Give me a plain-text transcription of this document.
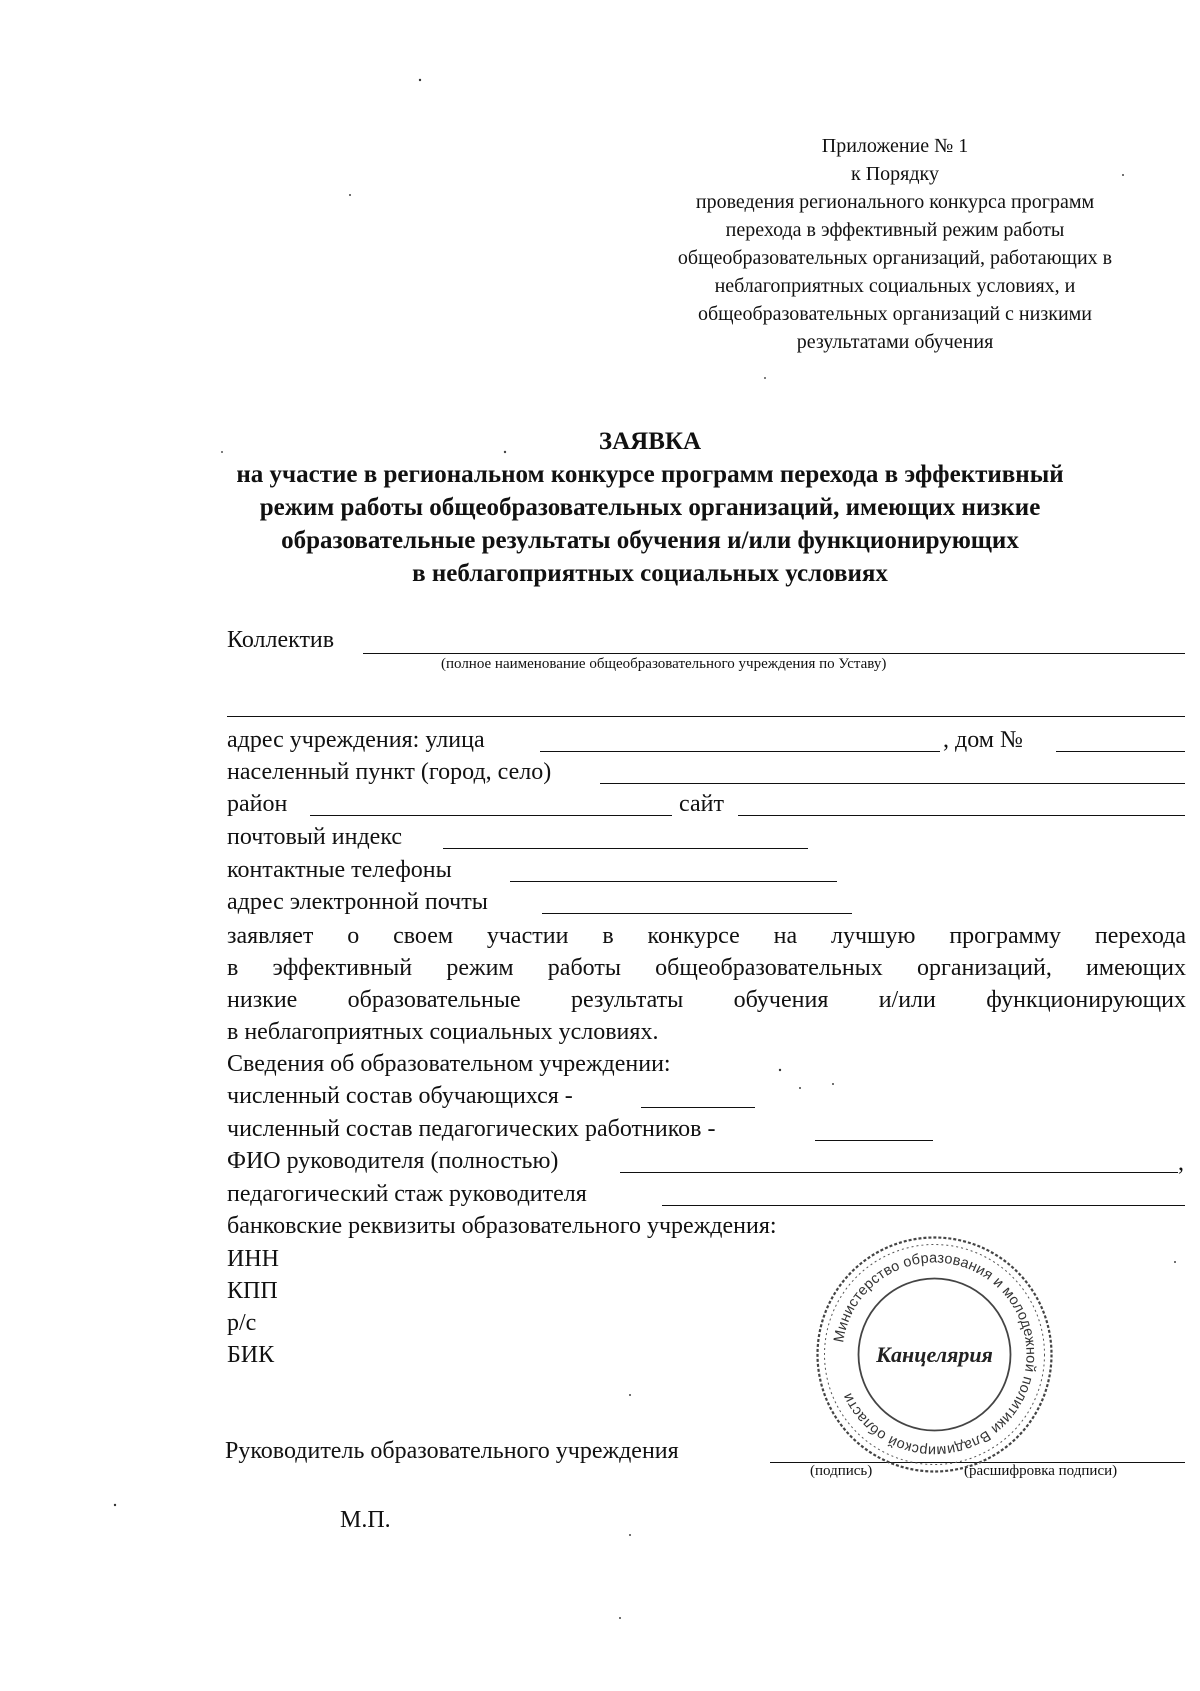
Приложение № 1
к Порядку
проведения регионального конкурса программ
перехода в эффективный режим работы
общеобразовательных организаций, работающих в
неблагоприятных социальных условиях, и
общеобразовательных организаций с низкими
результатами обучения
ЗАЯВКА
на участие в региональном конкурсе программ перехода в эффективный
режим работы общеобразовательных организаций, имеющих низкие
образовательные результаты обучения и/или функционирующих
в неблагоприятных социальных условиях
Коллектив
(полное наименование общеобразовательного учреждения по Уставу)
адрес учреждения: улица	, дом №
населенный пункт (город, село)
район	сайт
почтовый индекс
контактные телефоны
адрес электронной почты
заявляет о своем участии в конкурсе на лучшую программу перехода
в эффективный режим работы общеобразовательных организаций, имеющих
низкие образовательные результаты обучения и/или функционирующих
в неблагоприятных социальных условиях.
Сведения об образовательном учреждении:
численный состав обучающихся -
численный состав педагогических работников -
ФИО руководителя (полностью)	,
педагогический стаж руководителя
банковские реквизиты образовательного учреждения:
ИНН
КПП
р/с
БИК
Руководитель образовательного учреждения
(подпись)	(расшифровка подписи)
М.П.
Министерство образования и молодежной политики Владимирской области
Канцелярия
